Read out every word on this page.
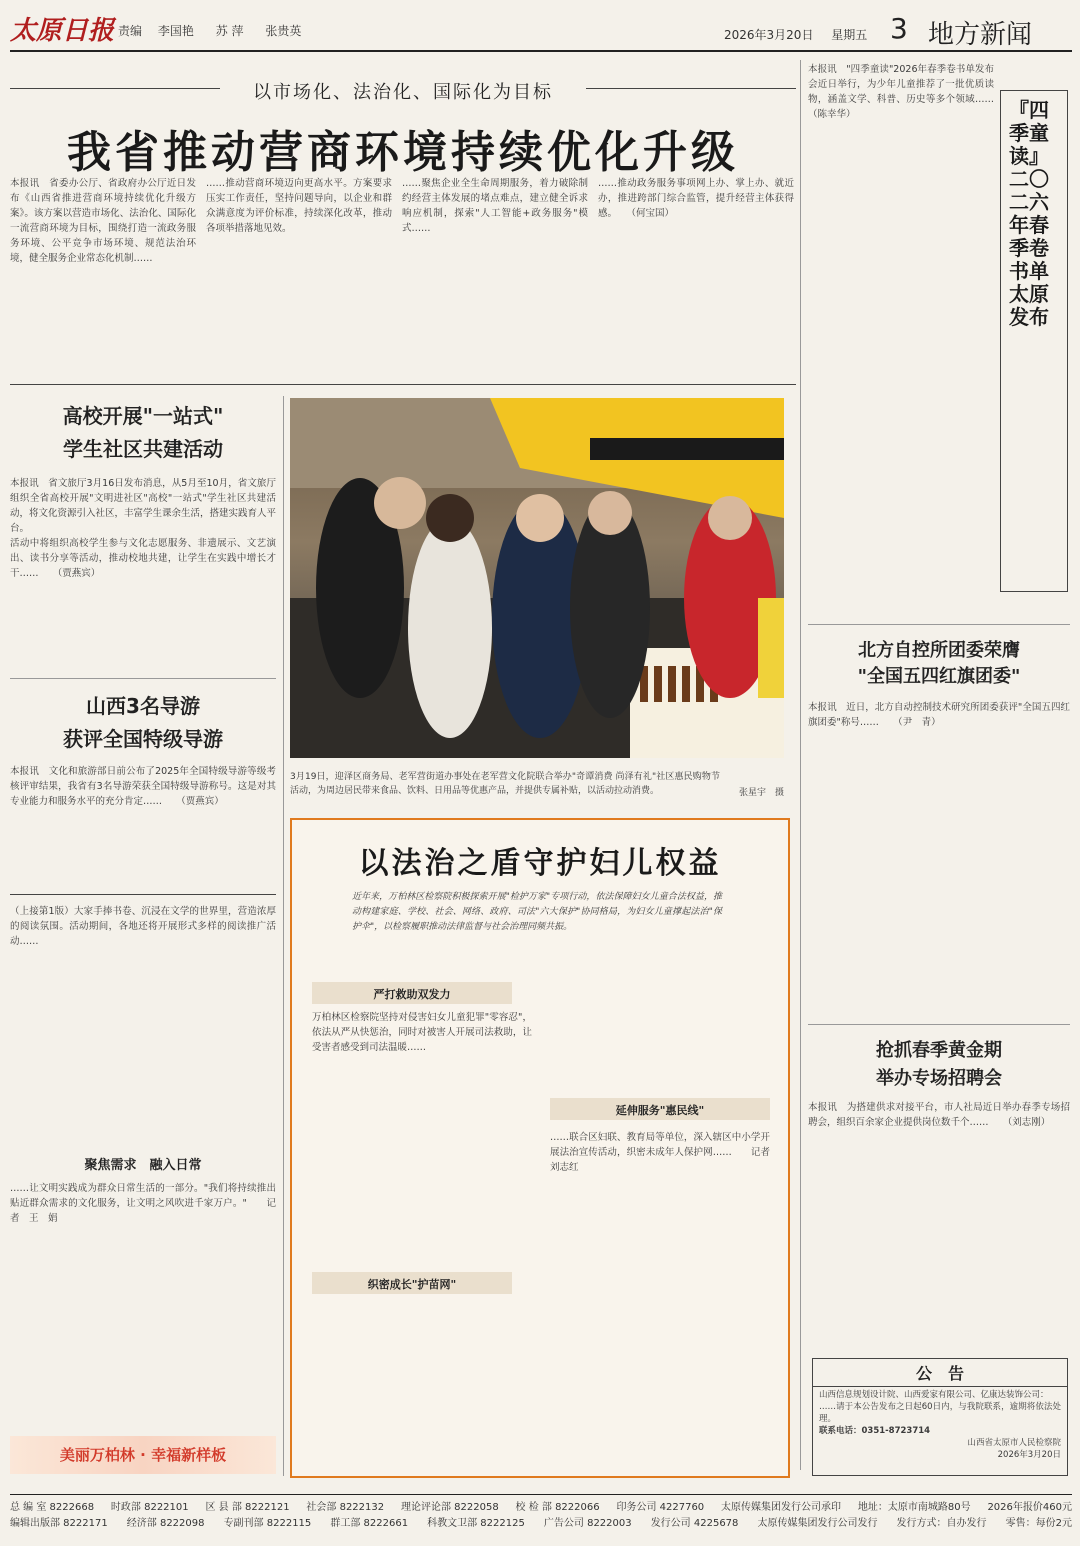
太原日报 责编 李国艳 苏 萍 张贵英	2026年3月20日 星期五 3 地方新闻
以市场化、法治化、国际化为目标
我省推动营商环境持续优化升级
本报讯　省委办公厅、省政府办公厅近日发布《山西省推进营商环境持续优化升级方案》。该方案以营造市场化、法治化、国际化一流营商环境为目标，围绕打造一流政务服务环境、公平竞争市场环境、规范法治环境，健全服务企业常态化机制……
……推动营商环境迈向更高水平。方案要求压实工作责任，坚持问题导向，以企业和群众满意度为评价标准，持续深化改革，推动各项举措落地见效。
……聚焦企业全生命周期服务，着力破除制约经营主体发展的堵点难点，建立健全诉求响应机制，探索"人工智能+政务服务"模式……
……推动政务服务事项网上办、掌上办、就近办，推进跨部门综合监管，提升经营主体获得感。　　（何宝国）
高校开展"一站式"
学生社区共建活动
本报讯　省文旅厅3月16日发布消息，从5月至10月，省文旅厅组织全省高校开展"文明进社区"高校"一站式"学生社区共建活动，将文化资源引入社区，丰富学生课余生活，搭建实践育人平台。
活动中将组织高校学生参与文化志愿服务、非遗展示、文艺演出、读书分享等活动，推动校地共建，让学生在实践中增长才干……　　（贾燕宾）
山西3名导游
获评全国特级导游
本报讯　文化和旅游部日前公布了2025年全国特级导游等级考核评审结果，我省有3名导游荣获全国特级导游称号。这是对其专业能力和服务水平的充分肯定……　　（贾燕宾）
（上接第1版）大家手捧书卷、沉浸在文学的世界里，营造浓厚的阅读氛围。活动期间，各地还将开展形式多样的阅读推广活动……
聚焦需求　融入日常
……让文明实践成为群众日常生活的一部分。"我们将持续推出贴近群众需求的文化服务，让文明之风吹进千家万户。"　　记者　王　娟
美丽万柏林 · 幸福新样板
3月19日，迎泽区商务局、老军营街道办事处在老军营文化院联合举办"奇谭消费 尚泽有礼"社区惠民购物节活动，为周边居民带来食品、饮料、日用品等优惠产品，并提供专属补贴，以活动拉动消费。	张星宇　摄
以法治之盾守护妇儿权益
近年来，万柏林区检察院积极探索开展"检护万家"专项行动，依法保障妇女儿童合法权益，推动构建家庭、学校、社会、网络、政府、司法"六大保护"协同格局，为妇女儿童撑起法治"保护伞"，以检察履职推动法律监督与社会治理同频共振。
严打救助双发力
万柏林区检察院坚持对侵害妇女儿童犯罪"零容忍"，依法从严从快惩治，同时对被害人开展司法救助，让受害者感受到司法温暖……
织密成长"护苗网"
延伸服务"惠民线"
……联合区妇联、教育局等单位，深入辖区中小学开展法治宣传活动，织密未成年人保护网……　　记者　刘志红
本报讯　"四季童读"2026年春季卷书单发布会近日举行，为少年儿童推荐了一批优质读物，涵盖文学、科普、历史等多个领域……　　（陈幸华）	『四季童读』二〇二六年春季卷书单太原发布
北方自控所团委荣膺
"全国五四红旗团委"
本报讯　近日，北方自动控制技术研究所团委获评"全国五四红旗团委"称号……　　（尹　青）
抢抓春季黄金期
举办专场招聘会
本报讯　为搭建供求对接平台，市人社局近日举办春季专场招聘会，组织百余家企业提供岗位数千个……　　（刘志刚）
公　告
山西信息规划设计院、山西爱家有限公司、亿康达装饰公司：
……请于本公告发布之日起60日内，与我院联系，逾期将依法处理。
联系电话：0351-8723714
山西省太原市人民检察院
2026年3月20日
总 编 室 8222668 时政部 8222101 区 县 部 8222121 社会部 8222132 理论评论部 8222058 校 检 部 8222066 印务公司 4227760 太原传媒集团发行公司承印 地址：太原市南城路80号 2026年报价460元
编辑出版部 8222171 经济部 8222098 专副刊部 8222115 群工部 8222661 科教文卫部 8222125 广告公司 8222003 发行公司 4225678 太原传媒集团发行公司发行 发行方式：自办发行 零售：每份2元
